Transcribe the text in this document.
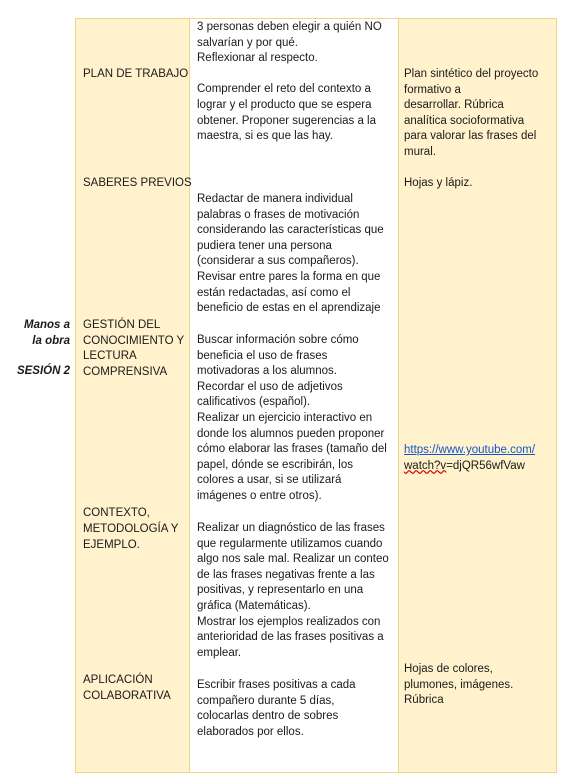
Manos a
la obra
SESIÓN 2
PLAN DE TRABAJO
SABERES PREVIOS
GESTIÓN DEL
CONOCIMIENTO Y
LECTURA
COMPRENSIVA
CONTEXTO,
METODOLOGÍA Y
EJEMPLO.
APLICACIÓN
COLABORATIVA
3 personas deben elegir a quién NO
salvarían y por qué.
Reflexionar al respecto.
Comprender el reto del contexto a
lograr y el producto que se espera
obtener. Proponer sugerencias a la
maestra, si es que las hay.
Redactar de manera individual
palabras o frases de motivación
considerando las características que
pudiera tener una persona
(considerar a sus compañeros).
Revisar entre pares la forma en que
están redactadas, así como el
beneficio de estas en el aprendizaje
Buscar información sobre cómo
beneficia el uso de frases
motivadoras a los alumnos.
Recordar el uso de adjetivos
calificativos (español).
Realizar un ejercicio interactivo en
donde los alumnos pueden proponer
cómo elaborar las frases (tamaño del
papel, dónde se escribirán, los
colores a usar, si se utilizará
imágenes o entre otros).
Realizar un diagnóstico de las frases
que regularmente utilizamos cuando
algo nos sale mal. Realizar un conteo
de las frases negativas frente a las
positivas, y representarlo en una
gráfica (Matemáticas).
Mostrar los ejemplos realizados con
anterioridad de las frases positivas a
emplear.
Escribir frases positivas a cada
compañero durante 5 días,
colocarlas dentro de sobres
elaborados por ellos.
Plan sintético del proyecto
formativo a
desarrollar. Rúbrica
analítica socioformativa
para valorar las frases del
mural.
Hojas y lápiz.
https://www.youtube.com/
watch?v=djQR56wfVaw
Hojas de colores,
plumones, imágenes.
Rúbrica
